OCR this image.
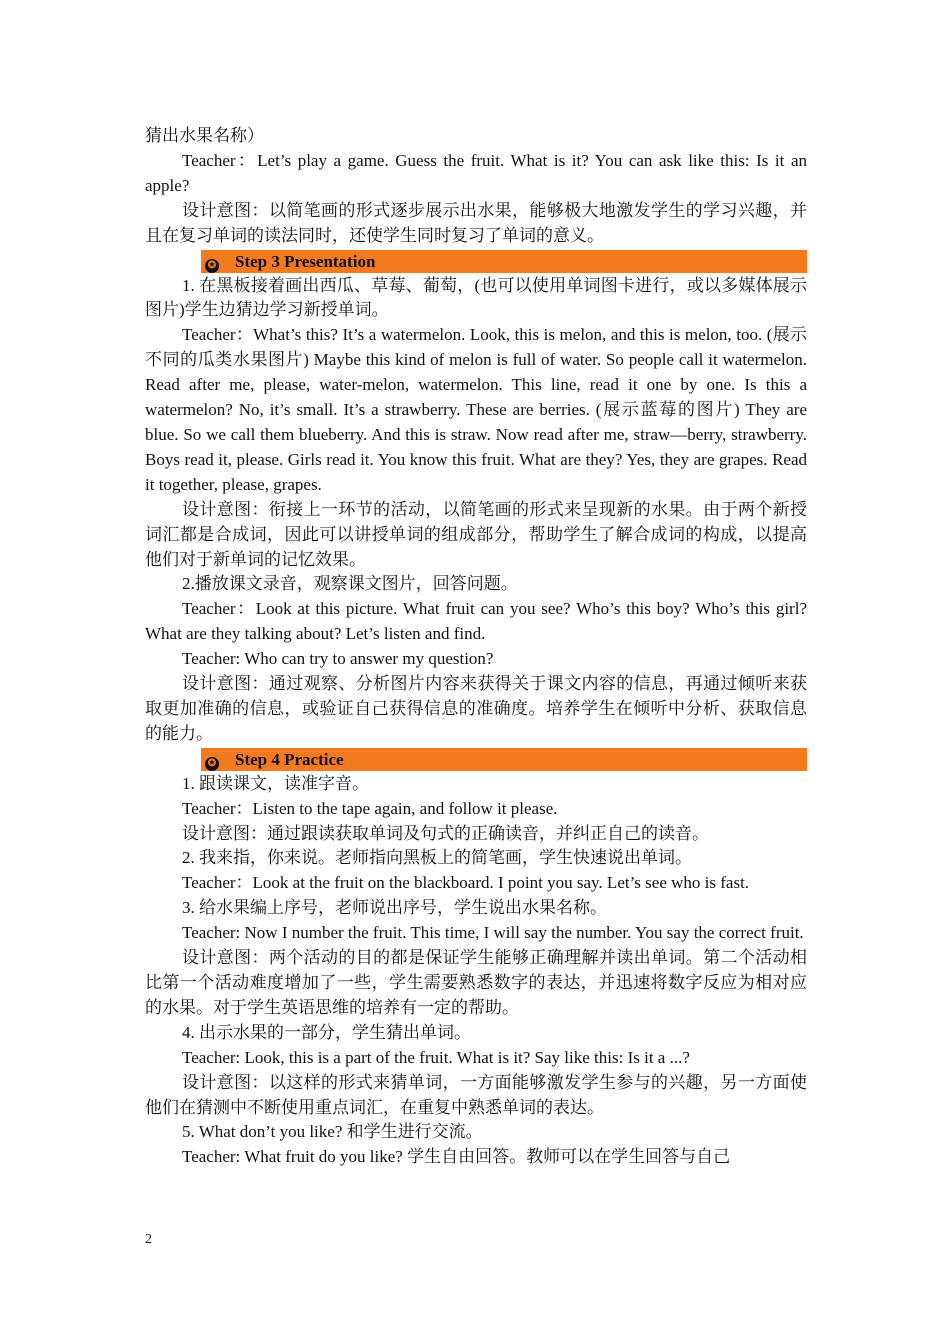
猜出水果名称）

Teacher：Let’s play a game. Guess the fruit. What is it? You can ask like this: Is it an apple?

设计意图：以简笔画的形式逐步展示出水果，能够极大地激发学生的学习兴趣，并且在复习单词的读法同时，还使学生同时复习了单词的意义。

✪ Step 3 Presentation

1. 在黑板接着画出西瓜、草莓、葡萄，(也可以使用单词图卡进行，或以多媒体展示图片)学生边猜边学习新授单词。

Teacher：What’s this? It’s a watermelon. Look, this is melon, and this is melon, too. (展示不同的瓜类水果图片) Maybe this kind of melon is full of water. So people call it watermelon. Read after me, please, water-melon, watermelon. This line, read it one by one. Is this a watermelon? No, it’s small. It’s a strawberry. These are berries. (展示蓝莓的图片) They are blue. So we call them blueberry. And this is straw. Now read after me, straw—berry, strawberry. Boys read it, please. Girls read it. You know this fruit. What are they? Yes, they are grapes. Read it together, please, grapes.

设计意图：衔接上一环节的活动，以简笔画的形式来呈现新的水果。由于两个新授词汇都是合成词，因此可以讲授单词的组成部分，帮助学生了解合成词的构成，以提高他们对于新单词的记忆效果。

2.播放课文录音，观察课文图片，回答问题。

Teacher：Look at this picture. What fruit can you see? Who’s this boy? Who’s this girl? What are they talking about? Let’s listen and find.

Teacher: Who can try to answer my question?

设计意图：通过观察、分析图片内容来获得关于课文内容的信息，再通过倾听来获取更加准确的信息，或验证自己获得信息的准确度。培养学生在倾听中分析、获取信息的能力。

✪ Step 4 Practice

1. 跟读课文，读准字音。

Teacher：Listen to the tape again, and follow it please.

设计意图：通过跟读获取单词及句式的正确读音，并纠正自己的读音。

2. 我来指，你来说。老师指向黑板上的简笔画，学生快速说出单词。

Teacher：Look at the fruit on the blackboard. I point you say. Let’s see who is fast.

3. 给水果编上序号，老师说出序号，学生说出水果名称。

Teacher: Now I number the fruit. This time, I will say the number. You say the correct fruit.

设计意图：两个活动的目的都是保证学生能够正确理解并读出单词。第二个活动相比第一个活动难度增加了一些，学生需要熟悉数字的表达，并迅速将数字反应为相对应的水果。对于学生英语思维的培养有一定的帮助。

4. 出示水果的一部分，学生猜出单词。

Teacher: Look, this is a part of the fruit. What is it? Say like this: Is it a ...?

设计意图：以这样的形式来猜单词，一方面能够激发学生参与的兴趣，另一方面使他们在猜测中不断使用重点词汇，在重复中熟悉单词的表达。

5. What don’t you like? 和学生进行交流。

Teacher: What fruit do you like? 学生自由回答。教师可以在学生回答与自己

2
